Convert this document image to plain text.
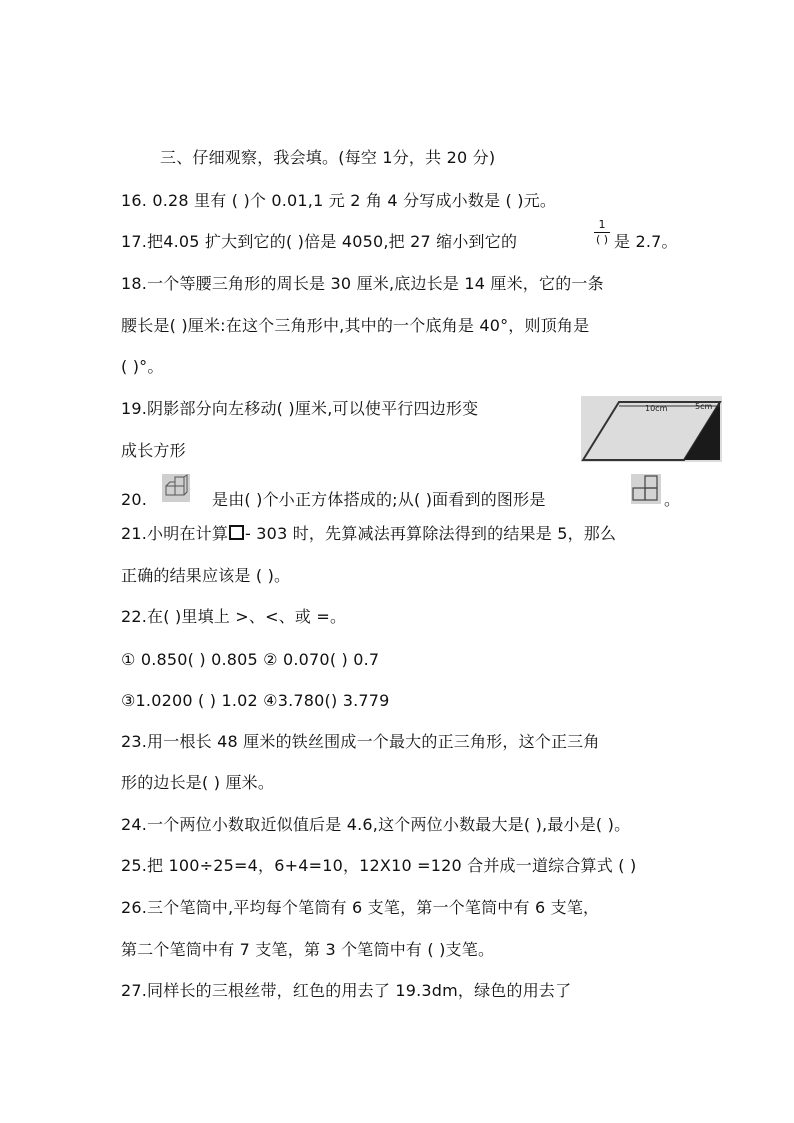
三、仔细观察，我会填。(每空 1分，共 20 分)
16. 0.28 里有 ( )个 0.01,1 元 2 角 4 分写成小数是 ( )元。
17.把4.05 扩大到它的( )倍是 4050,把 27 缩小到它的
1
( ) 是 2.7。
18.一个等腰三角形的周长是 30 厘米,底边长是 14 厘米，它的一条
腰长是( )厘米:在这个三角形中,其中的一个底角是 40°，则顶角是
( )°。
19.阴影部分向左移动( )厘米,可以使平行四边形变
成长方形
10cm	5cm
20.	是由( )个小正方体搭成的;从( )面看到的图形是	。
21.小明在计算 - 303 时，先算减法再算除法得到的结果是 5，那么
正确的结果应该是 ( )。
22.在( )里填上 >、<、或 =。
① 0.850( ) 0.805 ② 0.070( ) 0.7
③1.0200 ( ) 1.02 ④3.780() 3.779
23.用一根长 48 厘米的铁丝围成一个最大的正三角形，这个正三角
形的边长是( ) 厘米。
24.一个两位小数取近似值后是 4.6,这个两位小数最大是( ),最小是( )。
25.把 100÷25=4，6+4=10，12X10 =120 合并成一道综合算式 ( )
26.三个笔筒中,平均每个笔筒有 6 支笔，第一个笔筒中有 6 支笔，
第二个笔筒中有 7 支笔，第 3 个笔筒中有 ( )支笔。
27.同样长的三根丝带，红色的用去了 19.3dm，绿色的用去了
